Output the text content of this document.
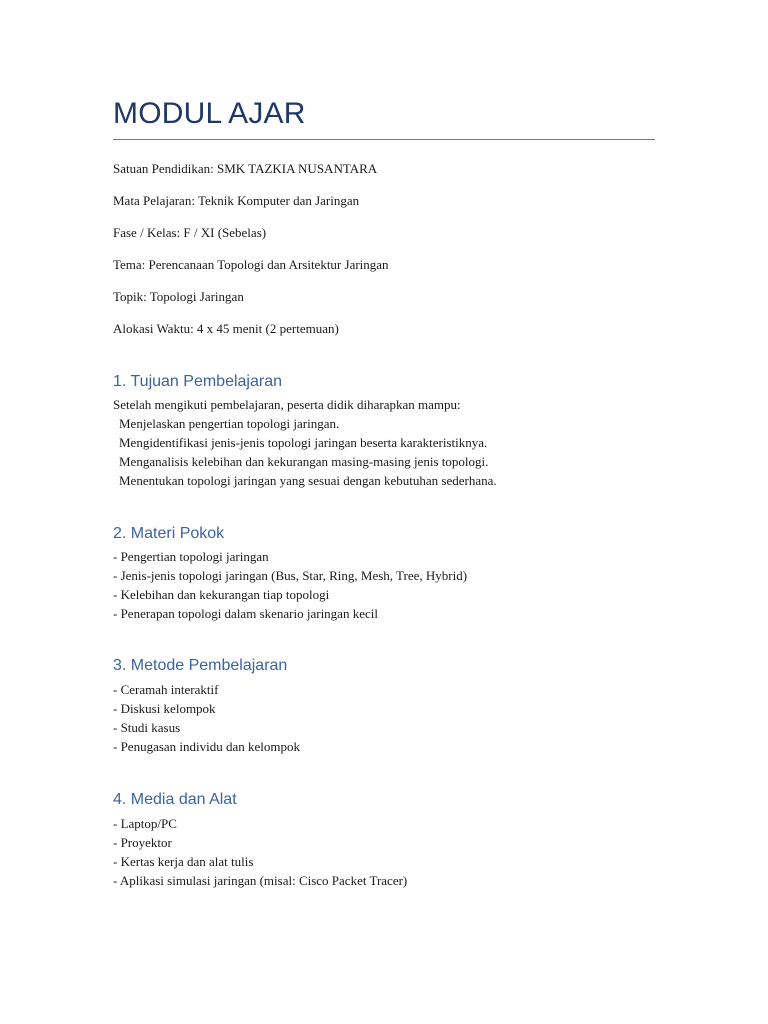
MODUL AJAR

Satuan Pendidikan: SMK TAZKIA NUSANTARA

Mata Pelajaran: Teknik Komputer dan Jaringan

Fase / Kelas: F / XI (Sebelas)

Tema: Perencanaan Topologi dan Arsitektur Jaringan

Topik: Topologi Jaringan

Alokasi Waktu: 4 x 45 menit (2 pertemuan)

1. Tujuan Pembelajaran

Setelah mengikuti pembelajaran, peserta didik diharapkan mampu:

Menjelaskan pengertian topologi jaringan.
Mengidentifikasi jenis-jenis topologi jaringan beserta karakteristiknya.
Menganalisis kelebihan dan kekurangan masing-masing jenis topologi.
Menentukan topologi jaringan yang sesuai dengan kebutuhan sederhana.
2. Materi Pokok
- Pengertian topologi jaringan
- Jenis-jenis topologi jaringan (Bus, Star, Ring, Mesh, Tree, Hybrid)
- Kelebihan dan kekurangan tiap topologi
- Penerapan topologi dalam skenario jaringan kecil
3. Metode Pembelajaran
- Ceramah interaktif
- Diskusi kelompok
- Studi kasus
- Penugasan individu dan kelompok
4. Media dan Alat
- Laptop/PC
- Proyektor
- Kertas kerja dan alat tulis
- Aplikasi simulasi jaringan (misal: Cisco Packet Tracer)
